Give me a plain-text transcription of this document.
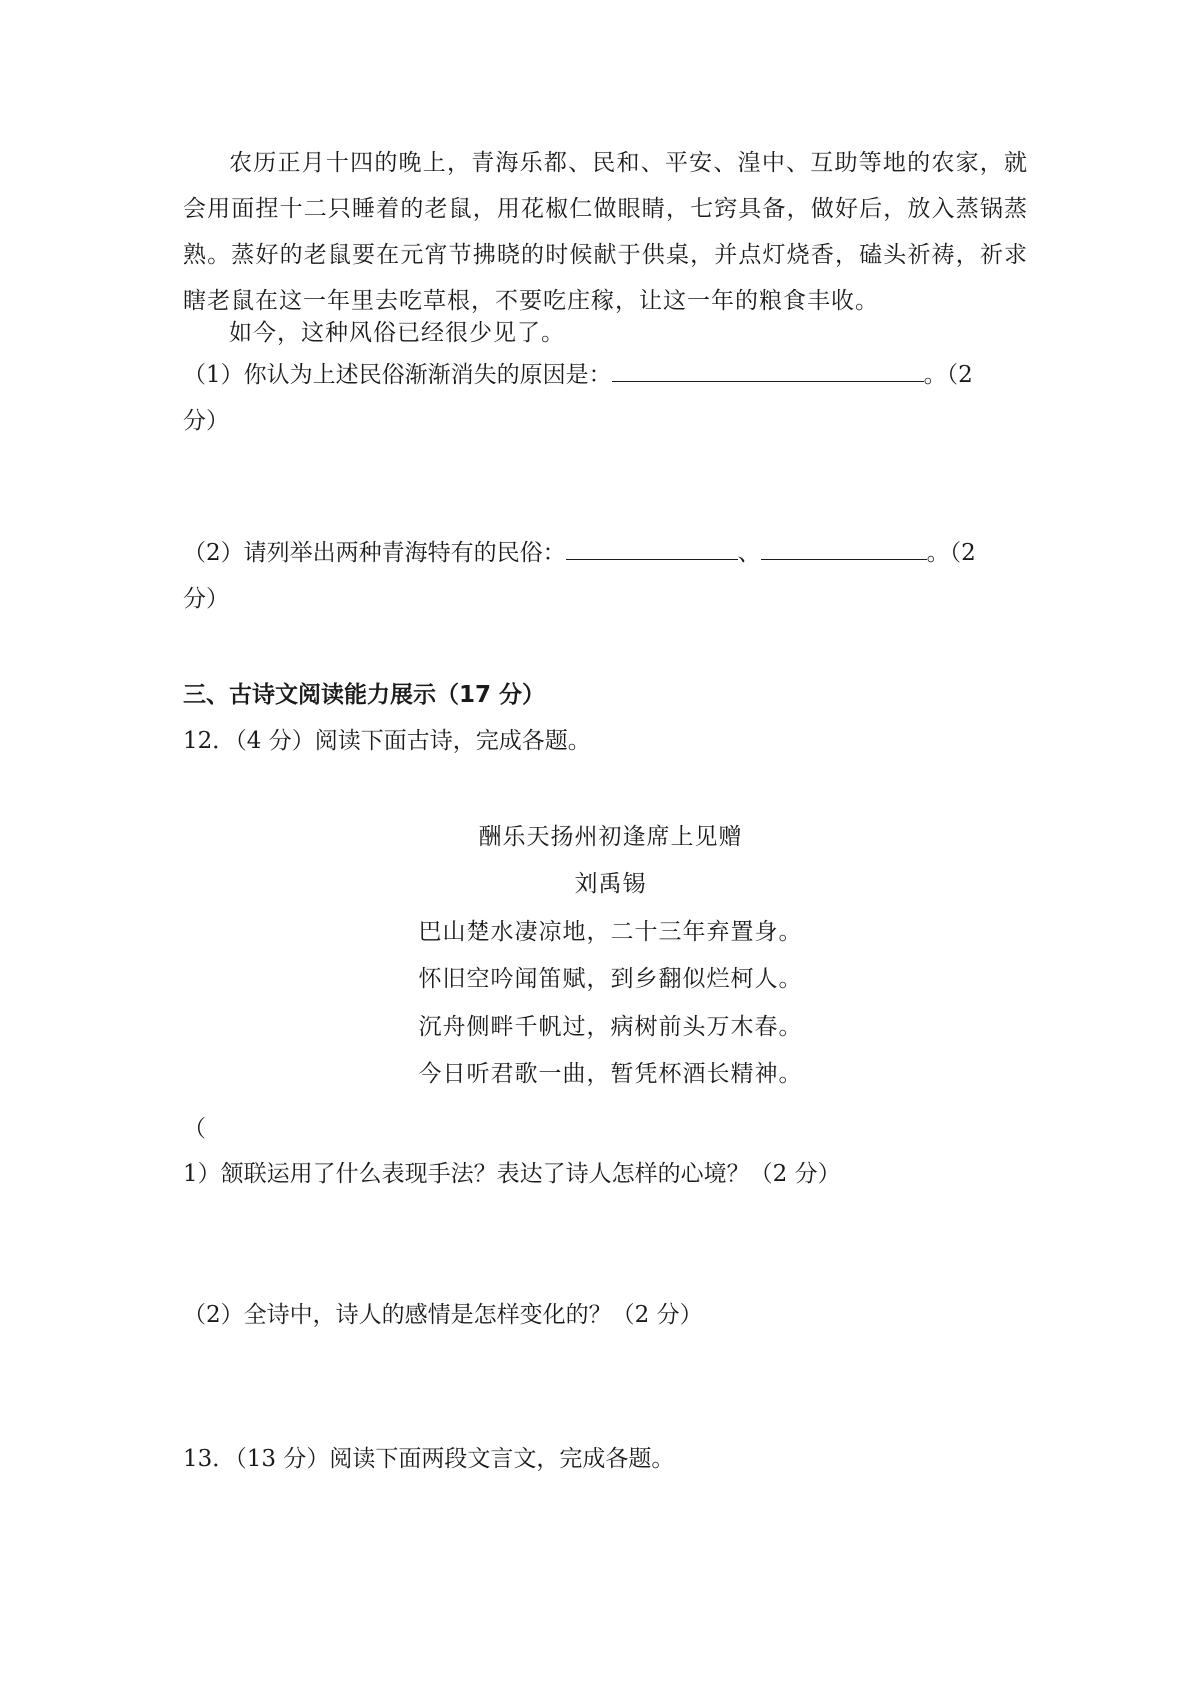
农历正月十四的晚上，青海乐都、民和、平安、湟中、互助等地的农家，就会用面捏十二只睡着的老鼠，用花椒仁做眼睛，七窍具备，做好后，放入蒸锅蒸熟。蒸好的老鼠要在元宵节拂晓的时候献于供桌，并点灯烧香，磕头祈祷，祈求瞎老鼠在这一年里去吃草根，不要吃庄稼，让这一年的粮食丰收。
如今，这种风俗已经很少见了。
（1）你认为上述民俗渐渐消失的原因是：	。（2
分）
（2）请列举出两种青海特有的民俗：	、	。（2
分）
三、古诗文阅读能力展示（17 分）
12．（4 分）阅读下面古诗，完成各题。
酬乐天扬州初逢席上见赠
刘禹锡
巴山楚水凄凉地，二十三年弃置身。
怀旧空吟闻笛赋，到乡翻似烂柯人。
沉舟侧畔千帆过，病树前头万木春。
今日听君歌一曲，暂凭杯酒长精神。
（
1）颔联运用了什么表现手法？表达了诗人怎样的心境？（2 分）
（2）全诗中，诗人的感情是怎样变化的？（2 分）
13．（13 分）阅读下面两段文言文，完成各题。
